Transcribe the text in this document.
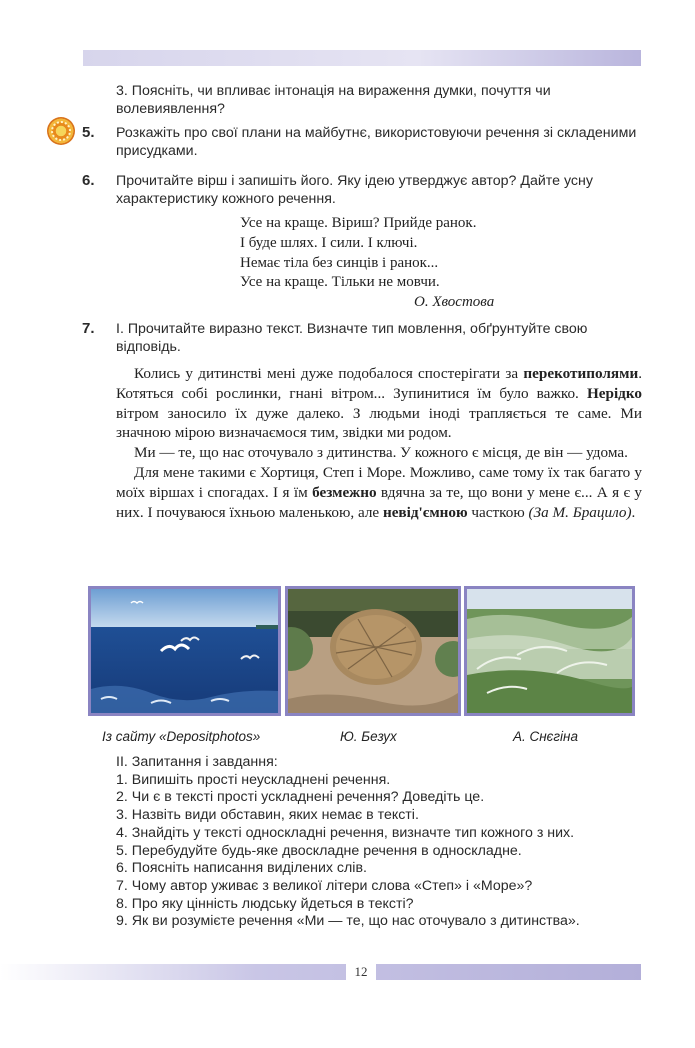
3. Поясніть, чи впливає інтонація на вираження думки, почуття чи волевиявлення?
5. Розкажіть про свої плани на майбутнє, використовуючи речення зі складеними присудками.
6. Прочитайте вірш і запишіть його. Яку ідею утверджує автор? Дайте усну характеристику кожного речення.
Усе на краще. Віриш? Прийде ранок.
І буде шлях. І сили. І ключі.
Немає тіла без синців і ранок...
Усе на краще. Тільки не мовчи.
О. Хвостова
7. І. Прочитайте виразно текст. Визначте тип мовлення, обґрунтуйте свою відповідь.

Колись у дитинстві мені дуже подобалося спостерігати за перекотиполями. Котяться собі рослинки, гнані вітром... Зупинитися їм було важко. Нерідко вітром заносило їх дуже далеко. З людьми іноді трапляється те саме. Ми значною мірою визначаємося тим, звідки ми родом.

Ми — те, що нас оточувало з дитинства. У кожного є місця, де він — удома.

Для мене такими є Хортиця, Степ і Море. Можливо, саме тому їх так багато у моїх віршах і спогадах. І я їм безмежно вдячна за те, що вони у мене є... А я є у них. І почуваюся їхньою маленькою, але невід'ємною часткою (За М. Брацило).

Із сайту «Depositphotos»	Ю. Безух	А. Снєгіна
ІІ. Запитання і завдання:
1. Випишіть прості неускладнені речення.
2. Чи є в тексті прості ускладнені речення? Доведіть це.
3. Назвіть види обставин, яких немає в тексті.
4. Знайдіть у тексті односкладні речення, визначте тип кожного з них.
5. Перебудуйте будь-яке двоскладне речення в односкладне.
6. Поясніть написання виділених слів.
7. Чому автор уживає з великої літери слова «Степ» і «Море»?
8. Про яку цінність людську йдеться в тексті?
9. Як ви розумієте речення «Ми — те, що нас оточувало з дитинства».
12
